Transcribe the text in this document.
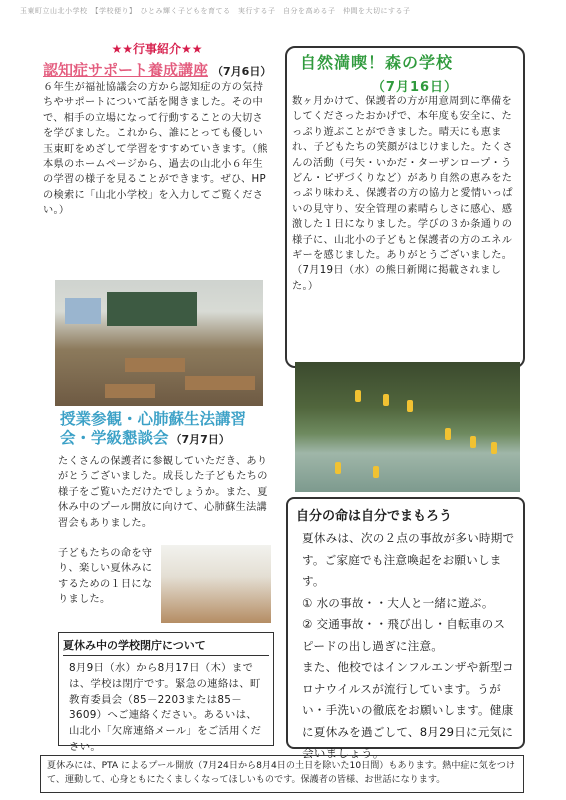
玉東町立山北小学校　【学校便り】　ひとみ輝く子どもを育てる　実行する子　自分を高める子　仲間を大切にする子
★★行事紹介★★
認知症サポート養成講座 （7月6日）
６年生が福祉協議会の方から認知症の方の気持ちやサポートについて話を聞きました。その中で、相手の立場になって行動することの大切さを学びました。これから、誰にとっても優しい玉東町をめざして学習をすすめていきます。（熊本県のホームページから、過去の山北小６年生の学習の様子を見ることができます。ぜひ、HP の検索に「山北小学校」を入力してご覧ください。）
授業参観・心肺蘇生法講習会・学級懇談会 （7月7日）
たくさんの保護者に参観していただき、ありがとうございました。成長した子どもたちの様子をご覧いただけたでしょうか。また、夏休み中のプール開放に向けて、心肺蘇生法講習会もありました。
子どもたちの命を守り、楽しい夏休みにするための１日になりました。
夏休み中の学校閉庁について
8月9日（水）から8月17日（木）までは、学校は閉庁です。緊急の連絡は、町教育委員会（85－2203または85－3609）へご連絡ください。あるいは、山北小「欠席連絡メール」をご活用ください。
自然満喫！森の学校
（7月16日）
数ヶ月かけて、保護者の方が用意周到に準備をしてくださったおかげで、本年度も安全に、たっぷり遊ぶことができました。晴天にも恵まれ、子どもたちの笑顔がはじけました。たくさんの活動（弓矢・いかだ・ターザンロープ・うどん・ピザづくりなど）があり自然の恵みをたっぷり味わえ、保護者の方の協力と愛情いっぱいの見守り、安全管理の素晴らしさに感心、感激した１日になりました。学びの３か条通りの様子に、山北小の子どもと保護者の方のエネルギーを感じました。ありがとうございました。（7月19日（水）の熊日新聞に掲載されました。）
自分の命は自分でまもろう
夏休みは、次の２点の事故が多い時期です。ご家庭でも注意喚起をお願いします。
① 水の事故・・大人と一緒に遊ぶ。
② 交通事故・・飛び出し・自転車のスピードの出し過ぎに注意。
また、他校ではインフルエンザや新型コロナウイルスが流行しています。うがい・手洗いの徹底をお願いします。健康に夏休みを過ごして、8月29日に元気に会いましょう。
夏休みには、PTA によるプール開放（7月24日から8月4日の土日を除いた10日間）もあります。熱中症に気をつけて、運動して、心身ともにたくましくなってほしいものです。保護者の皆様、お世話になります。
